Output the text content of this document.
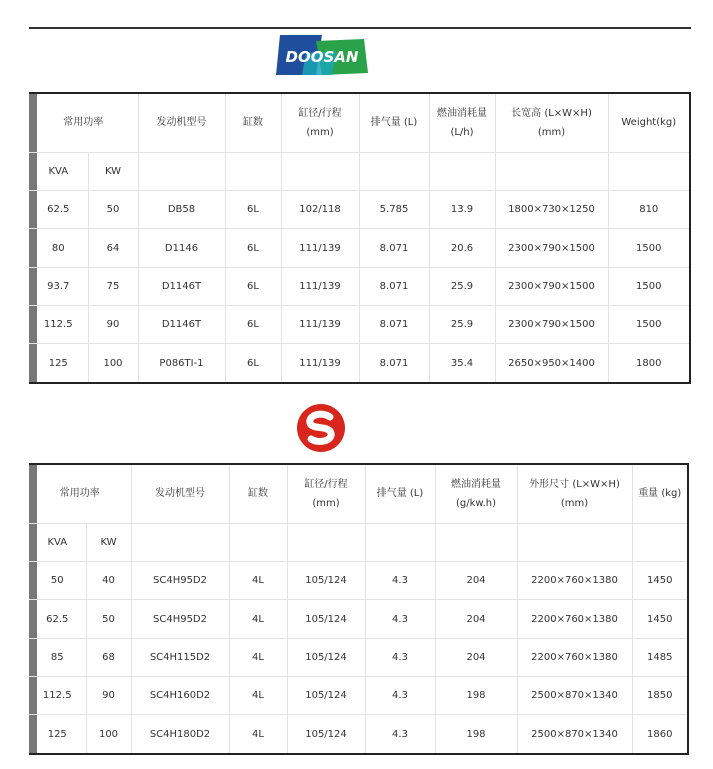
DOOSAN
常用功率		发动机型号	缸数	缸径/行程 (mm)	排气量 (L)	燃油消耗量 (L/h)	长宽高 (L×W×H) (mm)	Weight(kg)
KVA	KW							
62.5	50	DB58	6L	102/118	5.785	13.9	1800×730×1250	810
80	64	D1146	6L	111/139	8.071	20.6	2300×790×1500	1500
93.7	75	D1146T	6L	111/139	8.071	25.9	2300×790×1500	1500
112.5	90	D1146T	6L	111/139	8.071	25.9	2300×790×1500	1500
125	100	P086TI-1	6L	111/139	8.071	35.4	2650×950×1400	1800
常用功率		发动机型号	缸数	缸径/行程 (mm)	排气量 (L)	燃油消耗量 (g/kw.h)	外形尺寸 (L×W×H) (mm)	重量 (kg)
KVA	KW							
50	40	SC4H95D2	4L	105/124	4.3	204	2200×760×1380	1450
62.5	50	SC4H95D2	4L	105/124	4.3	204	2200×760×1380	1450
85	68	SC4H115D2	4L	105/124	4.3	204	2200×760×1380	1485
112.5	90	SC4H160D2	4L	105/124	4.3	198	2500×870×1340	1850
125	100	SC4H180D2	4L	105/124	4.3	198	2500×870×1340	1860
